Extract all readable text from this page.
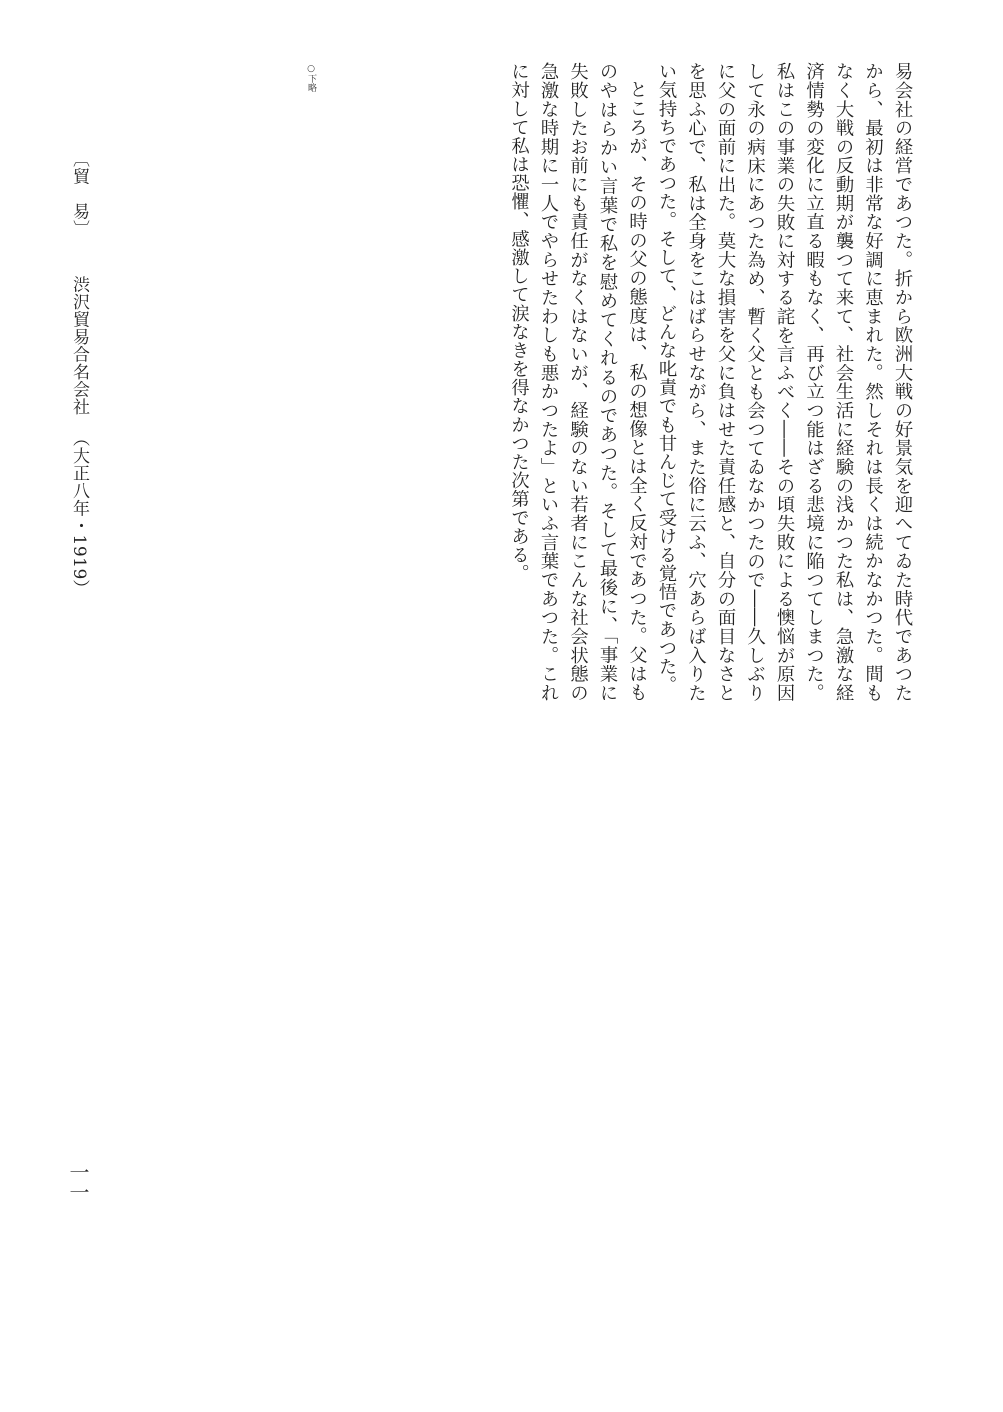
易会社の経営であつた。折から欧洲大戦の好景気を迎へてゐた時代であつたから、最初は非常な好調に恵まれた。然しそれは長くは続かなかつた。間もなく大戦の反動期が襲つて来て、社会生活に経験の浅かつた私は、急激な経済情勢の変化に立直る暇もなく、再び立つ能はざる悲境に陥つてしまつた。私はこの事業の失敗に対する詫を言ふべく――その頃失敗による懊悩が原因して永の病床にあつた為め、暫く父とも会つてゐなかつたので――久しぶりに父の面前に出た。莫大な損害を父に負はせた責任感と、自分の面目なさとを思ふ心で、私は全身をこはばらせながら、また俗に云ふ、穴あらば入りたい気持ちであつた。そして、どんな叱責でも甘んじて受ける覚悟であつた。

ところが、その時の父の態度は、私の想像とは全く反対であつた。父はものやはらかい言葉で私を慰めてくれるのであつた。そして最後に、「事業に失敗したお前にも責任がなくはないが、経験のない若者にこんな社会状態の急激な時期に一人でやらせたわしも悪かつたよ」といふ言葉であつた。これに対して私は恐懼、感激して涙なきを得なかつた次第である。

○下略
〔貿　易〕渋沢貿易合名会社（大正八年・1919）
一一
